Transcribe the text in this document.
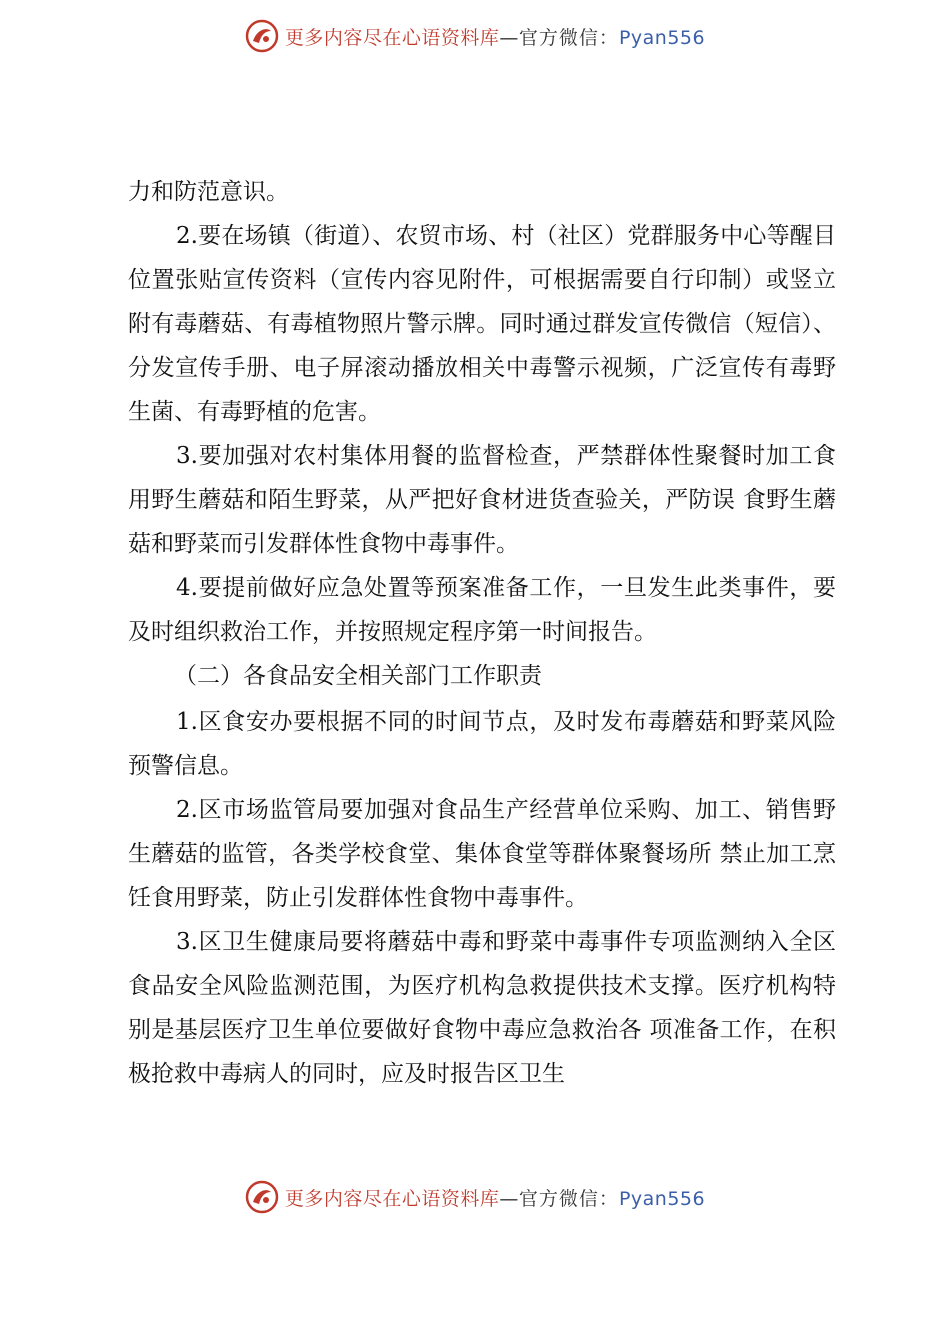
更多内容尽在心语资料库—官方微信：Pyan556

力和防范意识。

2.要在场镇（街道）、农贸市场、村（社区）党群服务中心等醒目位置张贴宣传资料（宣传内容见附件，可根据需要自行印制）或竖立附有毒蘑菇、有毒植物照片警示牌。同时通过群发宣传微信（短信）、分发宣传手册、电子屏滚动播放相关中毒警示视频，广泛宣传有毒野生菌、有毒野植的危害。

3.要加强对农村集体用餐的监督检查，严禁群体性聚餐时加工食用野生蘑菇和陌生野菜，从严把好食材进货查验关，严防误 食野生蘑菇和野菜而引发群体性食物中毒事件。

4.要提前做好应急处置等预案准备工作，一旦发生此类事件，要及时组织救治工作，并按照规定程序第一时间报告。

（二）各食品安全相关部门工作职责

1.区食安办要根据不同的时间节点，及时发布毒蘑菇和野菜风险预警信息。

2.区市场监管局要加强对食品生产经营单位采购、加工、销售野生蘑菇的监管，各类学校食堂、集体食堂等群体聚餐场所 禁止加工烹饪食用野菜，防止引发群体性食物中毒事件。

3.区卫生健康局要将蘑菇中毒和野菜中毒事件专项监测纳入全区食品安全风险监测范围，为医疗机构急救提供技术支撑。医疗机构特别是基层医疗卫生单位要做好食物中毒应急救治各 项准备工作，在积极抢救中毒病人的同时，应及时报告区卫生

更多内容尽在心语资料库—官方微信：Pyan556
